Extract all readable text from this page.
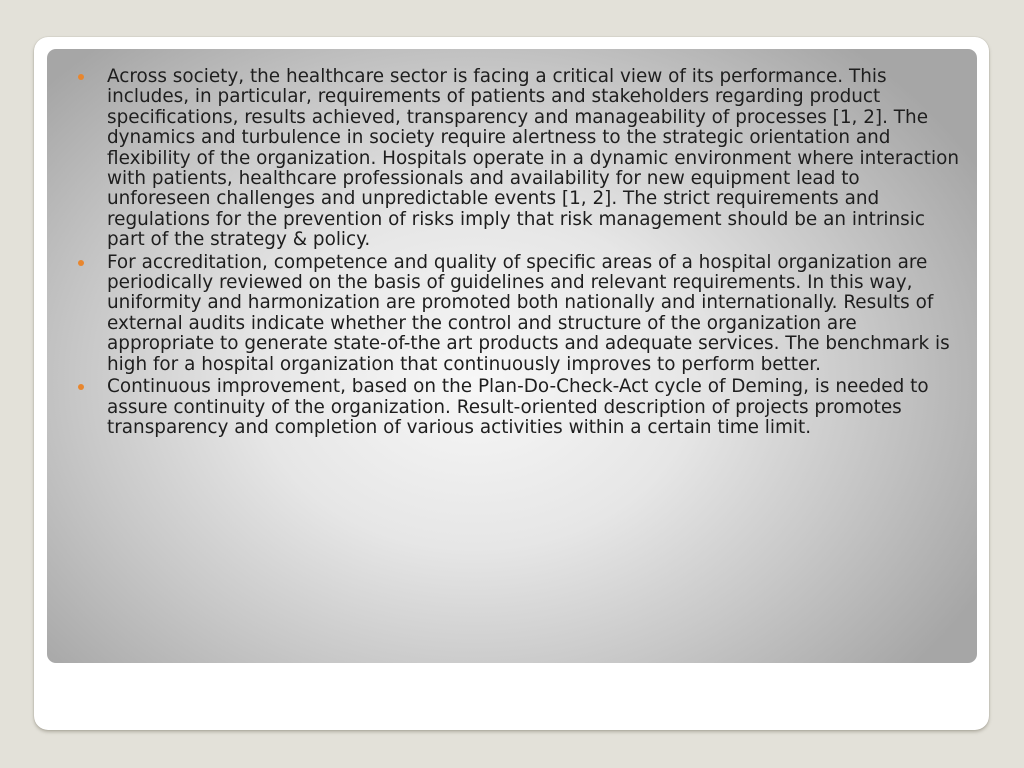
Across society, the healthcare sector is facing a critical view of its performance. This includes, in particular, requirements of patients and stakeholders regarding product specifications, results achieved, transparency and manageability of processes [1, 2]. The dynamics and turbulence in society require alertness to the strategic orientation and flexibility of the organization. Hospitals operate in a dynamic environment where interaction with patients, healthcare professionals and availability for new equipment lead to unforeseen challenges and unpredictable events [1, 2]. The strict requirements and regulations for the prevention of risks imply that risk management should be an intrinsic part of the strategy & policy.
For accreditation, competence and quality of specific areas of a hospital organization are periodically reviewed on the basis of guidelines and relevant requirements. In this way, uniformity and harmonization are promoted both nationally and internationally. Results of external audits indicate whether the control and structure of the organization are appropriate to generate state-of-the art products and adequate services. The benchmark is high for a hospital organization that continuously improves to perform better.
Continuous improvement, based on the Plan-Do-Check-Act cycle of Deming, is needed to assure continuity of the organization. Result-oriented description of projects promotes transparency and completion of various activities within a certain time limit.
